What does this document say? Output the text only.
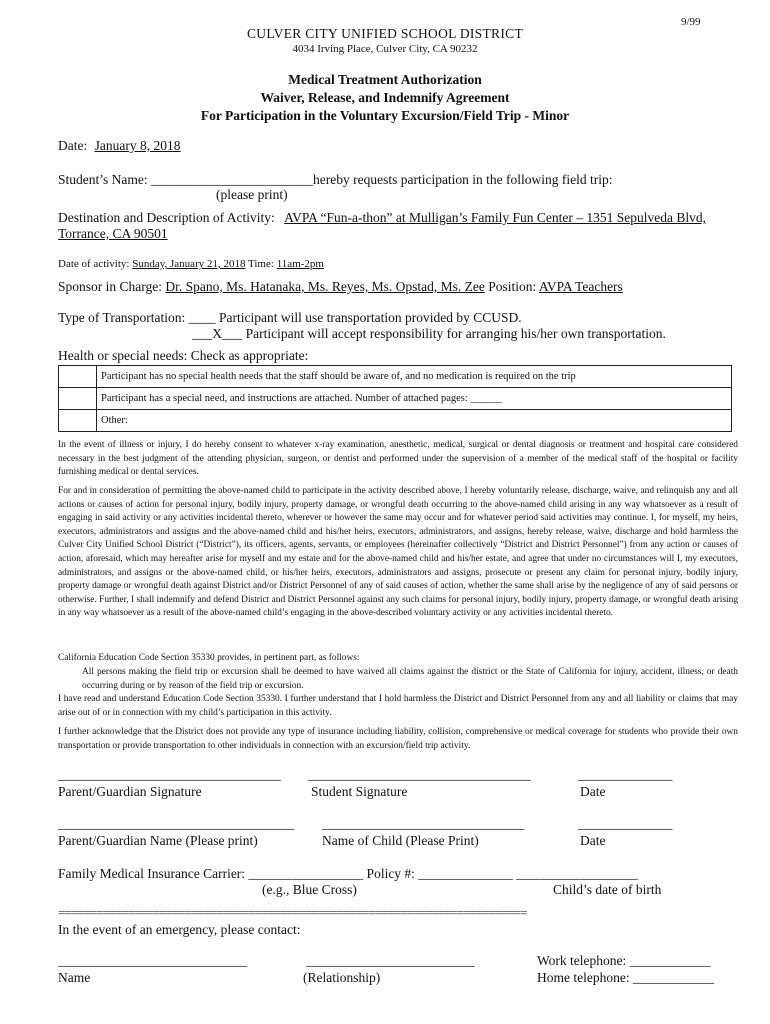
9/99
CULVER CITY UNIFIED SCHOOL DISTRICT
4034 Irving Place, Culver City, CA 90232
Medical Treatment Authorization
Waiver, Release, and Indemnify Agreement
For Participation in the Voluntary Excursion/Field Trip - Minor
Date: January 8, 2018
Student’s Name: ________________________hereby requests participation in the following field trip:
(please print)
Destination and Description of Activity: AVPA “Fun-a-thon” at Mulligan’s Family Fun Center – 1351 Sepulveda Blvd,
Torrance, CA 90501
Date of activity: Sunday, January 21, 2018 Time: 11am-2pm
Sponsor in Charge: Dr. Spano, Ms. Hatanaka, Ms. Reyes, Ms. Opstad, Ms. Zee Position: AVPA Teachers
Type of Transportation: ____ Participant will use transportation provided by CCUSD.
___X___ Participant will accept responsibility for arranging his/her own transportation.
Health or special needs: Check as appropriate:
	Participant has no special health needs that the staff should be aware of, and no medication is required on the trip
	Participant has a special need, and instructions are attached. Number of attached pages: ______
	Other:
In the event of illness or injury, I do hereby consent to whatever x-ray examination, anesthetic, medical, surgical or dental diagnosis or treatment and hospital care considered necessary in the best judgment of the attending physician, surgeon, or dentist and performed under the supervision of a member of the medical staff of the hospital or facility furnishing medical or dental services.
For and in consideration of permitting the above-named child to participate in the activity described above, I hereby voluntarily release, discharge, waive, and relinquish any and all actions or causes of action for personal injury, bodily injury, property damage, or wrongful death occurring to the above-named child arising in any way whatsoever as a result of engaging in said activity or any activities incidental thereto, wherever or however the same may occur and for whatever period said activities may continue. I, for myself, my heirs, executors, administrators and assigns and the above-named child and his/her heirs, executors, administrators, and assigns, hereby release, waive, discharge and hold harmless the Culver City Unified School District (“District”), its officers, agents, servants, or employees (hereinafter collectively “District and District Personnel”) from any action or causes of action, aforesaid, which may hereafter arise for myself and my estate and for the above-named child and his/her estate, and agree that under no circumstances will I, my executors, administrators, and assigns or the above-named child, or his/her heirs, executors, administrators and assigns, prosecute or present any claim for personal injury, bodily injury, property damage or wrongful death against District and/or District Personnel of any of said causes of action, whether the same shall arise by the negligence of any of said persons or otherwise. Further, I shall indemnify and defend District and District Personnel against any such claims for personal injury, bodily injury, property damage, or wrongful death arising in any way whatsoever as a result of the above-named child’s engaging in the above-described voluntary activity or any activities incidental thereto.
California Education Code Section 35330 provides, in pertinent part, as follows:
All persons making the field trip or excursion shall be deemed to have waived all claims against the district or the State of California for injury, accident, illness, or death occurring during or by reason of the field trip or excursion.
I have read and understand Education Code Section 35330. I further understand that I hold harmless the District and District Personnel from any and all liability or claims that may arise out of or in connection with my child’s participation in this activity.
I further acknowledge that the District does not provide any type of insurance including liability, collision, comprehensive or medical coverage for students who provide their own transportation or provide transportation to other individuals in connection with an excursion/field trip activity.
_________________________________ _________________________________	______________
Parent/Guardian Signature	Student Signature	Date
___________________________________ ______________________________	______________
Parent/Guardian Name (Please print)	Name of Child (Please Print)	Date
Family Medical Insurance Carrier: _________________ Policy #: ______________ __________________
(e.g., Blue Cross)	Child’s date of birth
==========================================================================
In the event of an emergency, please contact:
____________________________	_________________________	Work telephone: ____________
Name	(Relationship)	Home telephone: ____________
